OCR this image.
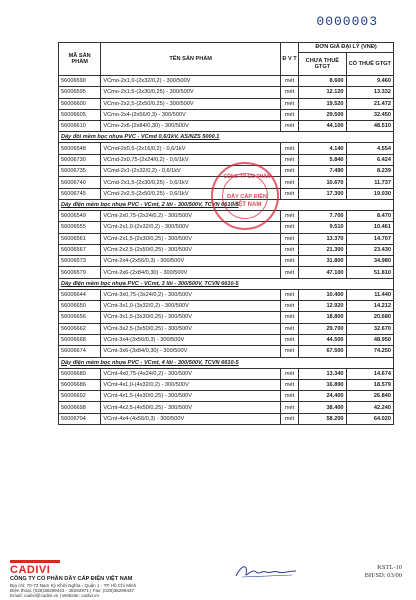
0000003
MÃ SẢN PHẨM	TÊN SẢN PHẨM	Đ V T	ĐƠN GIÁ ĐẠI LÝ (VNĐ)	
			CHƯA THUẾ GTGT	CÓ THUẾ GTGT
56006590	VCmo-2x1,0-(2x32/0,2) - 300/500V	mét	8.600	9.460
56006595	VCmo-2x1,5-(2x30/0,25) - 300/500V	mét	12.120	13.332
56006600	VCmo-2x2,5-(2x50/0,25) - 300/500V	mét	19.520	21.472
56006605	VCmo-2x4-(2x56/0,3) - 300/500V	mét	29.500	32.450
56006610	VCmo-2x6-(2x84/0,30) - 300/500V	mét	44.100	48.510
Dây đôi mềm bọc nhựa PVC - VCmd 0,6/1kV, AS/NZS 5000.1				
56006548	VCmd-2x0,5-(2x16/0,2) - 0,6/1kV	mét	4.140	4.554
56006730	VCmd-2x0,75-(2x24/0,2) - 0,6/1kV	mét	5.840	6.424
56006735	VCmd-2x1-(2x32/0,2) - 0,6/1kV	mét	7.490	8.239
56006740	VCmd-2x1,5-(2x30/0,25) - 0,6/1kV	mét	10.670	11.737
56006745	VCmd-2x2,5-(2x50/0,25) - 0,6/1kV	mét	17.300	19.030
Dây điện mềm bọc nhựa PVC - VCmt, 2 lõi - 300/500V, TCVN 6610-5				
56006549	VCmt-2x0,75-(2x24/0,2) - 300/500V	mét	7.700	8.470
56006555	VCmt-2x1,0-(2x32/0,2) - 300/500V	mét	9.510	10.461
56006561	VCmt-2x1,5-(2x30/0,25) - 300/500V	mét	13.370	14.707
56006567	VCmt-2x2,5-(2x50/0,25) - 300/500V	mét	21.300	23.430
56006573	VCmt-2x4-(2x56/0,3) - 300/500V	mét	31.800	34.980
56006579	VCmt-2x6-(2x84/0,30) - 300/500V	mét	47.100	51.810
Dây điện mềm bọc nhựa PVC - VCmt, 3 lõi - 300/500V, TCVN 6610-5				
56006644	VCmt-3x0,75-(3x24/0,2) - 300/500V	mét	10.400	11.440
56006650	VCmt-3x1,0-(3x32/0,2) - 300/500V	mét	12.920	14.212
56006656	VCmt-3x1,5-(3x30/0,25) - 300/500V	mét	18.800	20.680
56006662	VCmt-3x2,5-(3x50/0,25) - 300/500V	mét	29.700	32.670
56006668	VCmt-3x4-(3x56/0,3) - 300/500V	mét	44.500	48.950
56006674	VCmt-3x6-(3x84/0,30) - 300/500V	mét	67.500	74.250
Dây điện mềm bọc nhựa PVC - VCmt, 4 lõi - 300/500V, TCVN 6610-5				
56006680	VCmt-4x0,75-(4x24/0,2) - 300/500V	mét	13.340	14.674
56006686	VCmt-4x1,0-(4x32/0,2) - 300/500V	mét	16.890	18.579
56006692	VCmt-4x1,5-(4x30/0,25) - 300/500V	mét	24.400	26.840
56006698	VCmt-4x2,5-(4x50/0,25) - 300/500V	mét	38.400	42.240
56006704	VCmt-4x4-(4x56/0,3) - 300/500V	mét	58.200	64.020
CÔNG TY CỔ PHẦN
DÂY CÁP ĐIỆN
VIỆT NAM
CADIVI
CÔNG TY CỔ PHẦN DÂY CÁP ĐIỆN VIỆT NAM
Địa chỉ: 70-72 Nam Kỳ Khởi Nghĩa - Quận 1 - TP Hồ Chí Minh
Điện thoại: (028)38299443 - 38292971 | Fax: (028)38299437
Email: cadivi@cadivi.vn | Website: cadivi.vn
KSTL-10
BH/SD: 03/00
